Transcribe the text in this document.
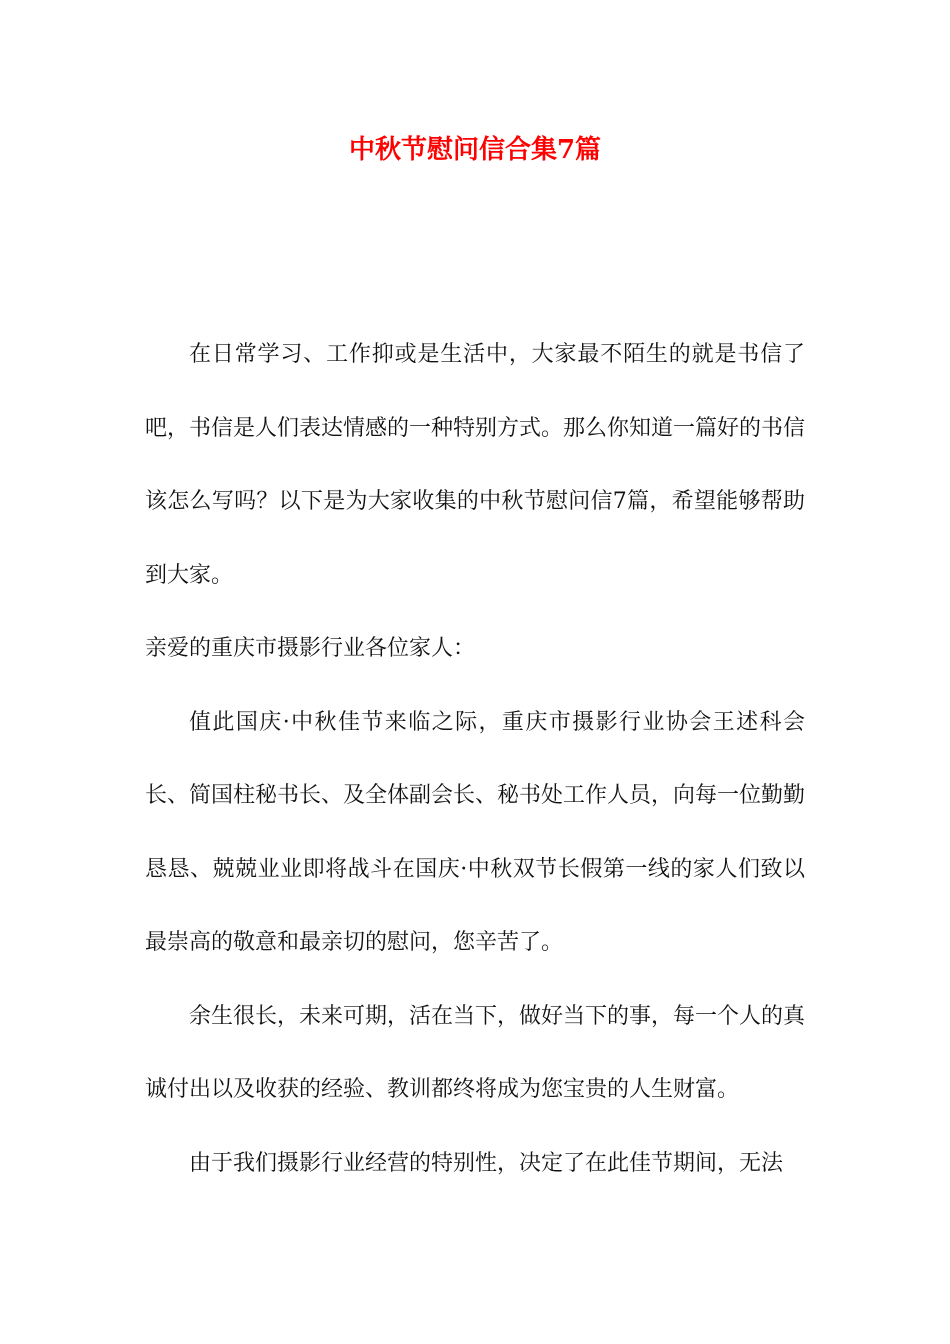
中秋节慰问信合集7篇

在日常学习、工作抑或是生活中，大家最不陌生的就是书信了吧，书信是人们表达情感的一种特别方式。那么你知道一篇好的书信该怎么写吗？以下是为大家收集的中秋节慰问信7篇，希望能够帮助到大家。

亲爱的重庆市摄影行业各位家人：

值此国庆·中秋佳节来临之际，重庆市摄影行业协会王述科会长、简国柱秘书长、及全体副会长、秘书处工作人员，向每一位勤勤恳恳、兢兢业业即将战斗在国庆·中秋双节长假第一线的家人们致以最崇高的敬意和最亲切的慰问，您辛苦了。

余生很长，未来可期，活在当下，做好当下的事，每一个人的真诚付出以及收获的经验、教训都终将成为您宝贵的人生财富。

由于我们摄影行业经营的特别性，决定了在此佳节期间，无法
